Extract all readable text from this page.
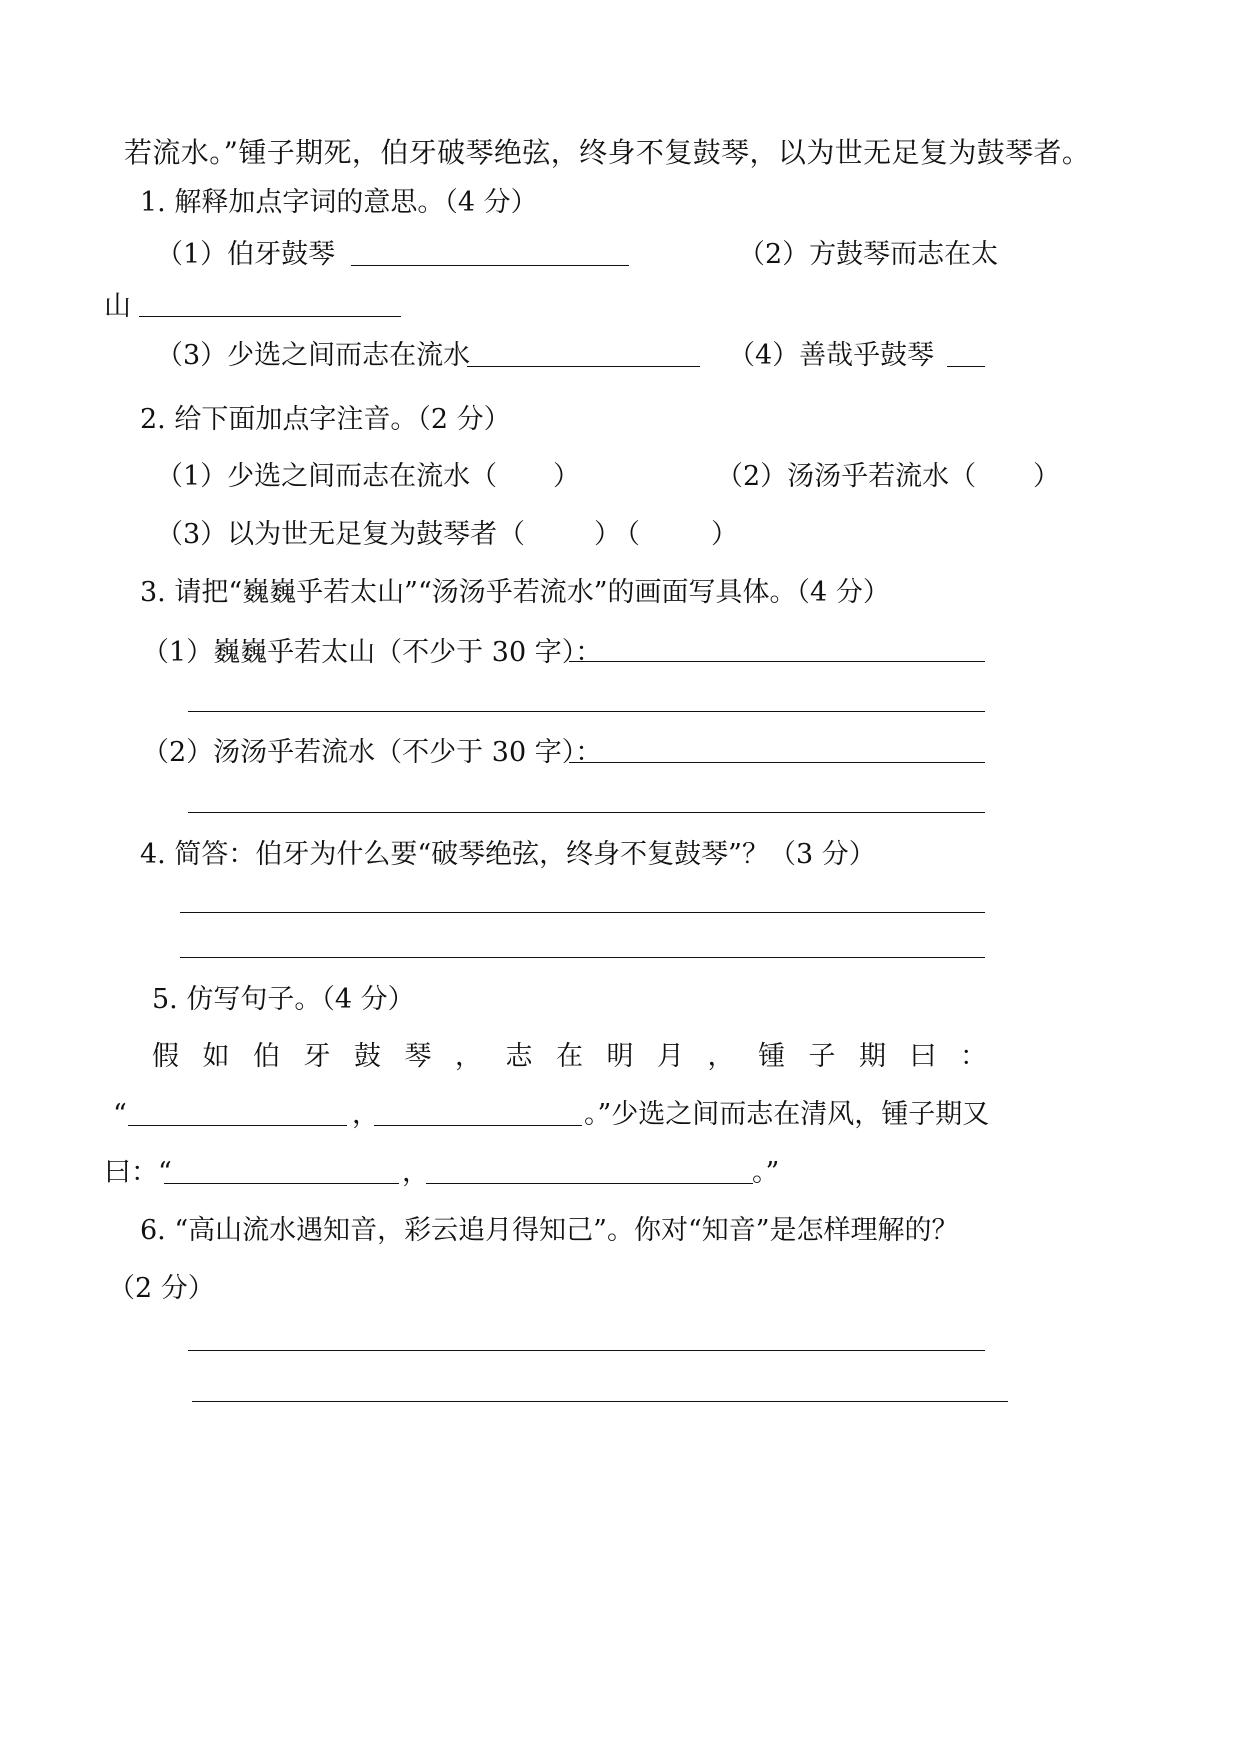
若流水。”锺子期死，伯牙破琴绝弦，终身不复鼓琴，以为世无足复为鼓琴者。
1. 解释加点字词的意思。（4 分）
（1）伯牙鼓琴	（2）方鼓琴而志在太
山
（3）少选之间而志在流水	（4）善哉乎鼓琴
2. 给下面加点字注音。（2 分）
（1）少选之间而志在流水（ ）	（2）汤汤乎若流水（ ）
（3）以为世无足复为鼓琴者 （	）
（	）
3. 请把“巍巍乎若太山”“汤汤乎若流水”的画面写具体。（4 分）
（1）巍巍乎若太山（不少于 30 字）：
（2）汤汤乎若流水（不少于 30 字）：
4. 简答：伯牙为什么要“破琴绝弦，终身不复鼓琴”？（3 分）
5. 仿写句子。（4 分）
假 如 伯 牙 鼓 琴 ， 志 在 明 月 ， 锺 子 期 曰 ：
“	，	。”少选之间而志在清风，锺子期又
曰：“	，	。”
6. “高山流水遇知音，彩云追月得知己”。你对“知音”是怎样理解的？
（2 分）
